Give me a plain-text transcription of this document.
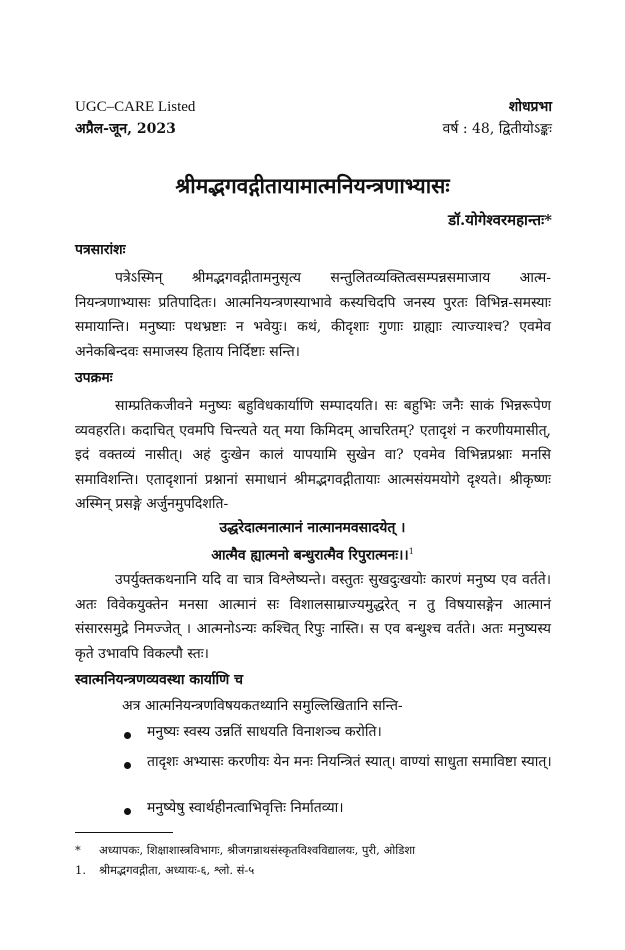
UGC–CARE Listed
अप्रैल-जून, 2023
शोधप्रभा
वर्ष : 48, द्वितीयोऽङ्कः
श्रीमद्भगवद्गीतायामात्मनियन्त्रणाभ्यासः
डॉ.योगेश्वरमहान्तः*
पत्रसारांशः
पत्रेऽस्मिन् श्रीमद्भगवद्गीतामनुसृत्य सन्तुलितव्यक्तित्वसम्पन्नसमाजाय आत्म-नियन्त्रणाभ्यासः प्रतिपादितः। आत्मनियन्त्रणस्याभावे कस्यचिदपि जनस्य पुरतः विभिन्न-समस्याः समायान्ति। मनुष्याः पथभ्रष्टाः न भवेयुः। कथं, कीदृशाः गुणाः ग्राह्याः त्याज्याश्च? एवमेव अनेकबिन्दवः समाजस्य हिताय निर्दिष्टाः सन्ति।
उपक्रमः
साम्प्रतिकजीवने मनुष्यः बहुविधकार्याणि सम्पादयति। सः बहुभिः जनैः साकं भिन्नरूपेण व्यवहरति। कदाचित् एवमपि चिन्त्यते यत् मया किमिदम् आचरितम्? एतादृशं न करणीयमासीत्, इदं वक्तव्यं नासीत्। अहं दुःखेन कालं यापयामि सुखेन वा? एवमेव विभिन्नप्रश्नाः मनसि समाविशन्ति। एतादृशानां प्रश्नानां समाधानं श्रीमद्भगवद्गीतायाः आत्मसंयमयोगे दृश्यते। श्रीकृष्णः अस्मिन् प्रसङ्गे अर्जुनमुपदिशति-
उद्धरेदात्मनात्मानं नात्मानमवसादयेत् ।
आत्मैव ह्यात्मनो बन्धुरात्मैव रिपुरात्मनः।।$^1$
उपर्युक्तकथनानि यदि वा चात्र विश्लेष्यन्ते। वस्तुतः सुखदुःखयोः कारणं मनुष्य एव वर्तते। अतः विवेकयुक्तेन मनसा आत्मानं सः विशालसाम्राज्यमुद्धरेत् न तु विषयासङ्गेन आत्मानं संसारसमुद्रे निमज्जेत् । आत्मनोऽन्यः कश्चित् रिपुः नास्ति। स एव बन्धुश्च वर्तते। अतः मनुष्यस्य कृते उभावपि विकल्पौ स्तः।
स्वात्मनियन्त्रणव्यवस्था कार्याणि च
अत्र आत्मनियन्त्रणविषयकतथ्यानि समुल्लिखितानि सन्ति-
मनुष्यः स्वस्य उन्नतिं साधयति विनाशञ्च करोति।
तादृशः अभ्यासः करणीयः येन मनः नियन्त्रितं स्यात्। वाण्यां साधुता समाविष्टा स्यात्।
मनुष्येषु स्वार्थहीनत्वाभिवृत्तिः निर्मातव्या।
* अध्यापकः, शिक्षाशास्त्रविभागः, श्रीजगन्नाथसंस्कृतविश्वविद्यालयः, पुरी, ओडिशा
1. श्रीमद्भगवद्गीता, अध्यायः-६, श्लो. सं-५
